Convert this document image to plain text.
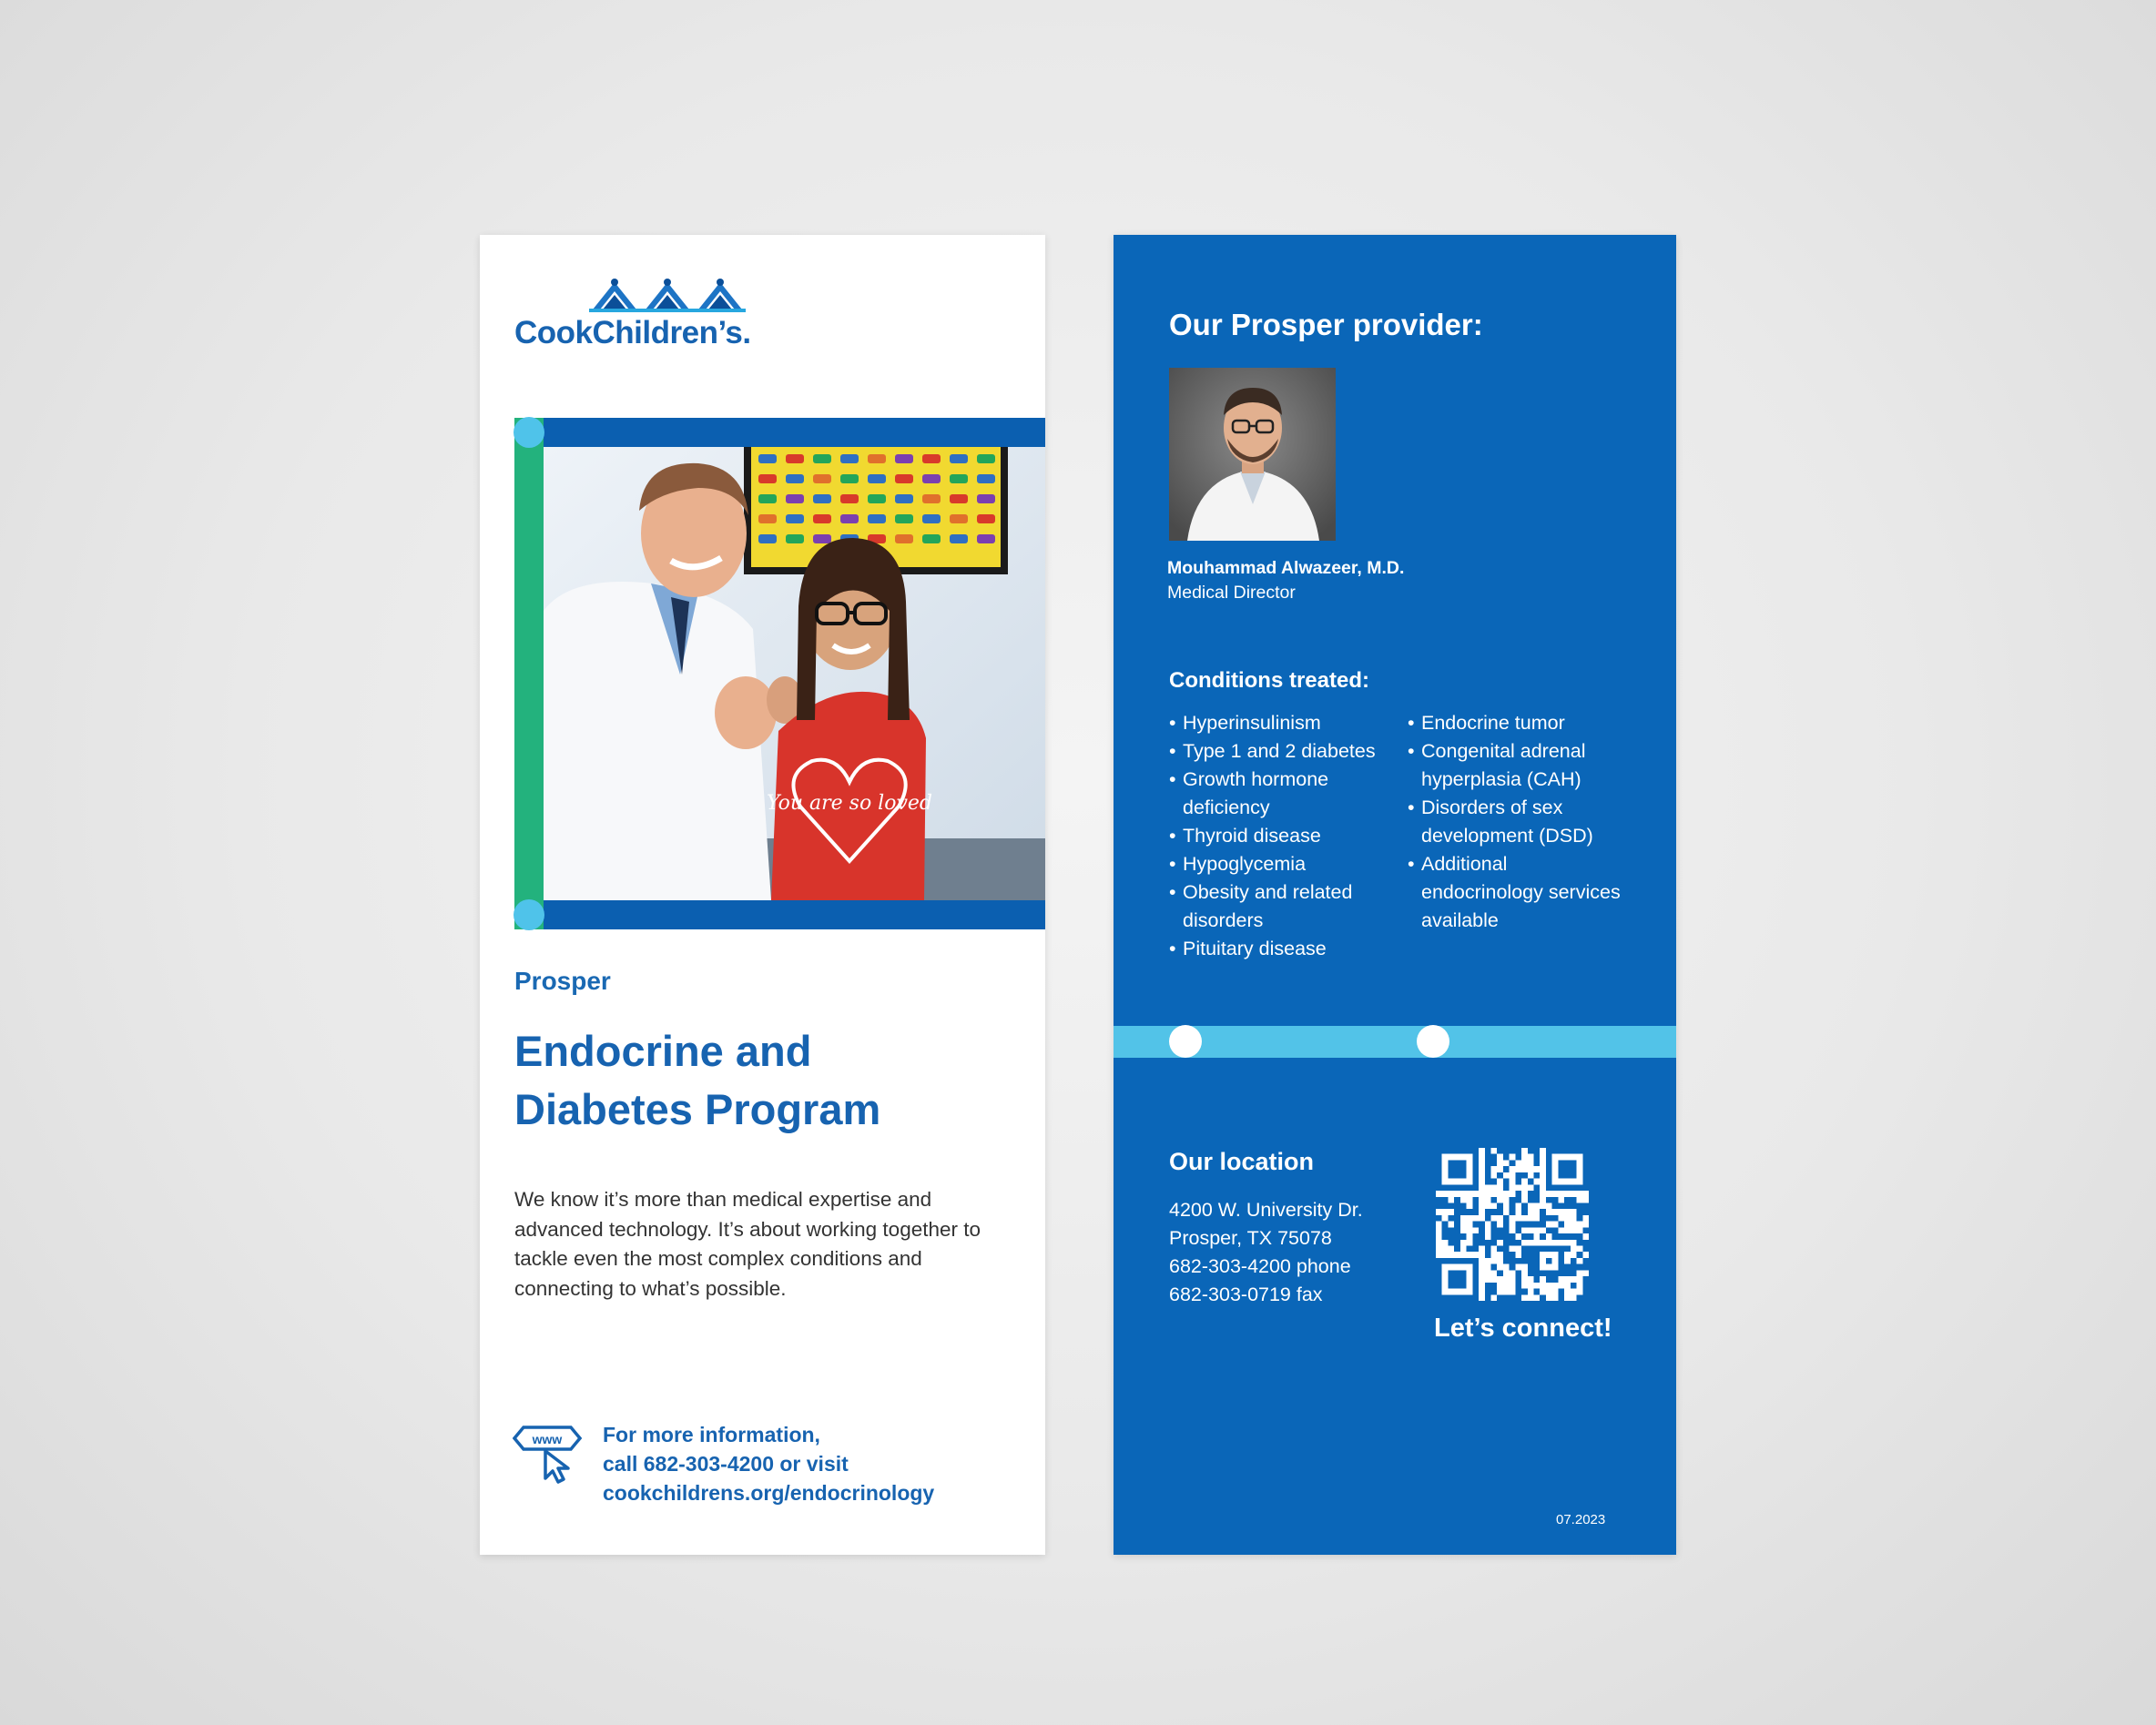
CookChildren’s.
You are so loved
Prosper
Endocrine and
Diabetes Program
We know it’s more than medical expertise and advanced technology. It’s about working together to tackle even the most complex conditions and connecting to what’s possible.
www For more information,
call 682-303-4200 or visit
cookchildrens.org/endocrinology
Our Prosper provider:
Mouhammad Alwazeer, M.D.
Medical Director
Conditions treated:
• Hyperinsulinism
• Type 1 and 2 diabetes
• Growth hormone deficiency
• Thyroid disease
• Hypoglycemia
• Obesity and related disorders
• Pituitary disease
• Endocrine tumor
• Congenital adrenal hyperplasia (CAH)
• Disorders of sex development (DSD)
• Additional endocrinology services available
Our location
4200 W. University Dr.
Prosper, TX 75078
682-303-4200 phone
682-303-0719 fax
Let’s connect!
07.2023
